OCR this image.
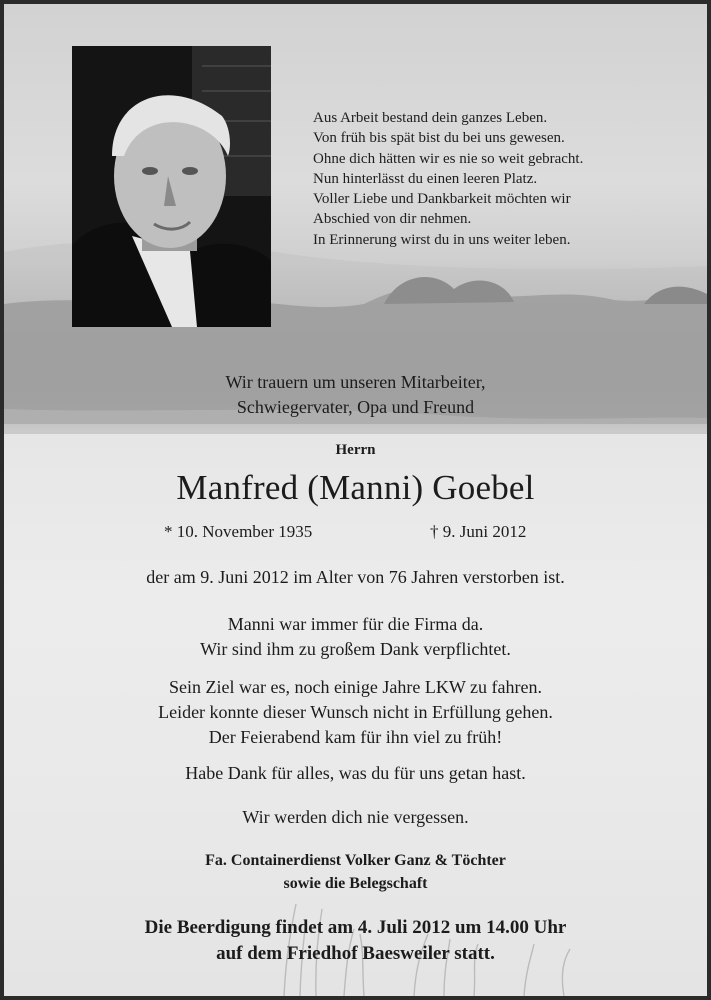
Aus Arbeit bestand dein ganzes Leben.
Von früh bis spät bist du bei uns gewesen.
Ohne dich hätten wir es nie so weit gebracht.
Nun hinterlässt du einen leeren Platz.
Voller Liebe und Dankbarkeit möchten wir
Abschied von dir nehmen.
In Erinnerung wirst du in uns weiter leben.
Wir trauern um unseren Mitarbeiter,
Schwiegervater, Opa und Freund
Herrn
Manfred (Manni) Goebel
* 10. November 1935	† 9. Juni 2012
der am 9. Juni 2012 im Alter von 76 Jahren verstorben ist.
Manni war immer für die Firma da.
Wir sind ihm zu großem Dank verpflichtet.
Sein Ziel war es, noch einige Jahre LKW zu fahren.
Leider konnte dieser Wunsch nicht in Erfüllung gehen.
Der Feierabend kam für ihn viel zu früh!
Habe Dank für alles, was du für uns getan hast.
Wir werden dich nie vergessen.
Fa. Containerdienst Volker Ganz & Töchter
sowie die Belegschaft
Die Beerdigung findet am 4. Juli 2012 um 14.00 Uhr
auf dem Friedhof Baesweiler statt.
